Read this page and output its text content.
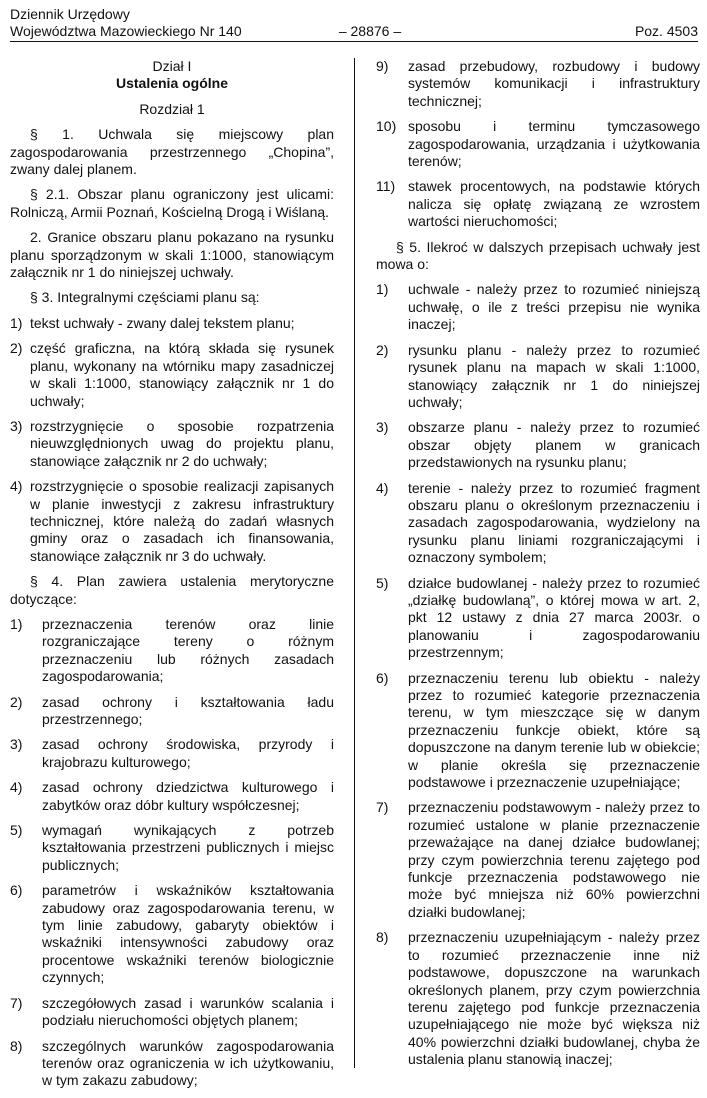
Dziennik Urzędowy
Województwa Mazowieckiego Nr 140	– 28876 –	Poz. 4503
Dział I
Ustalenia ogólne
Rozdział 1

§ 1. Uchwala się miejscowy plan zagospodarowania przestrzennego „Chopina”, zwany dalej planem.

§ 2.1. Obszar planu ograniczony jest ulicami: Rolniczą, Armii Poznań, Kościelną Drogą i Wiślaną.

2. Granice obszaru planu pokazano na rysunku planu sporządzonym w skali 1:1000, stanowiącym załącznik nr 1 do niniejszej uchwały.

§ 3. Integralnymi częściami planu są:

1) tekst uchwały - zwany dalej tekstem planu;
2) część graficzna, na którą składa się rysunek planu, wykonany na wtórniku mapy zasadniczej w skali 1:1000, stanowiący załącznik nr 1 do uchwały;
3) rozstrzygnięcie o sposobie rozpatrzenia nieuwzględnionych uwag do projektu planu, stanowiące załącznik nr 2 do uchwały;
4) rozstrzygnięcie o sposobie realizacji zapisanych w planie inwestycji z zakresu infrastruktury technicznej, które należą do zadań własnych gminy oraz o zasadach ich finansowania, stanowiące załącznik nr 3 do uchwały.

§ 4. Plan zawiera ustalenia merytoryczne dotyczące:

1)	przeznaczenia terenów oraz linie rozgraniczające tereny o różnym przeznaczeniu lub różnych zasadach zagospodarowania;
2)	zasad ochrony i kształtowania ładu przestrzennego;
3)	zasad ochrony środowiska, przyrody i krajobrazu kulturowego;
4)	zasad ochrony dziedzictwa kulturowego i zabytków oraz dóbr kultury współczesnej;
5)	wymagań wynikających z potrzeb kształtowania przestrzeni publicznych i miejsc publicznych;
6)	parametrów i wskaźników kształtowania zabudowy oraz zagospodarowania terenu, w tym linie zabudowy, gabaryty obiektów i wskaźniki intensywności zabudowy oraz procentowe wskaźniki terenów biologicznie czynnych;
7)	szczegółowych zasad i warunków scalania i podziału nieruchomości objętych planem;
8)	szczególnych warunków zagospodarowania terenów oraz ograniczenia w ich użytkowaniu, w tym zakazu zabudowy;
9)	zasad przebudowy, rozbudowy i budowy systemów komunikacji i infrastruktury technicznej;
10) sposobu i terminu tymczasowego zagospodarowania, urządzania i użytkowania terenów;
11) stawek procentowych, na podstawie których nalicza się opłatę związaną ze wzrostem wartości nieruchomości;

§ 5. Ilekroć w dalszych przepisach uchwały jest mowa o:

1)	uchwale - należy przez to rozumieć niniejszą uchwałę, o ile z treści przepisu nie wynika inaczej;
2)	rysunku planu - należy przez to rozumieć rysunek planu na mapach w skali 1:1000, stanowiący załącznik nr 1 do niniejszej uchwały;
3)	obszarze planu - należy przez to rozumieć obszar objęty planem w granicach przedstawionych na rysunku planu;
4)	terenie - należy przez to rozumieć fragment obszaru planu o określonym przeznaczeniu i zasadach zagospodarowania, wydzielony na rysunku planu liniami rozgraniczającymi i oznaczony symbolem;
5)	działce budowlanej - należy przez to rozumieć „działkę budowlaną”, o której mowa w art. 2, pkt 12 ustawy z dnia 27 marca 2003r. o planowaniu i zagospodarowaniu przestrzennym;
6)	przeznaczeniu terenu lub obiektu - należy przez to rozumieć kategorie przeznaczenia terenu, w tym mieszczące się w danym przeznaczeniu funkcje obiekt, które są dopuszczone na danym terenie lub w obiekcie; w planie określa się przeznaczenie podstawowe i przeznaczenie uzupełniające;
7)	przeznaczeniu podstawowym - należy przez to rozumieć ustalone w planie przeznaczenie przeważające na danej działce budowlanej; przy czym powierzchnia terenu zajętego pod funkcje przeznaczenia podstawowego nie może być mniejsza niż 60% powierzchni działki budowlanej;
8)	przeznaczeniu uzupełniającym - należy przez to rozumieć przeznaczenie inne niż podstawowe, dopuszczone na warunkach określonych planem, przy czym powierzchnia terenu zajętego pod funkcje przeznaczenia uzupełniającego nie może być większa niż 40% powierzchni działki budowlanej, chyba że ustalenia planu stanowią inaczej;
